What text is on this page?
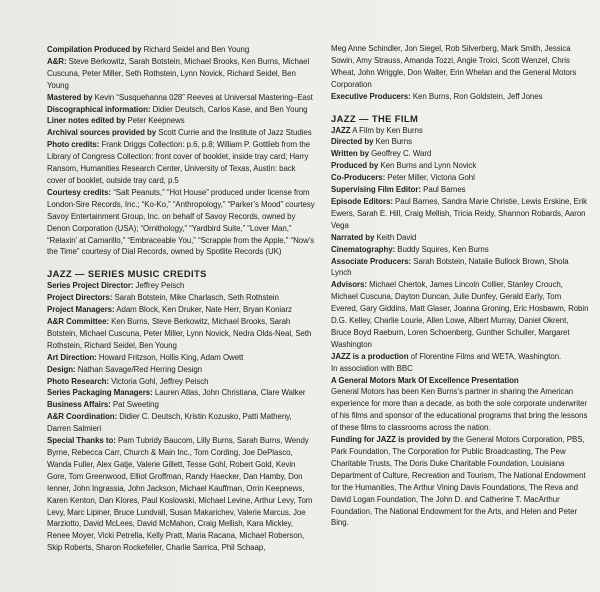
Compilation Produced by Richard Seidel and Ben Young

A&R: Steve Berkowitz, Sarah Botstein, Michael Brooks, Ken Burns, Michael Cuscuna, Peter Miller, Seth Rothstein, Lynn Novick, Richard Seidel, Ben Young

Mastered by Kevin “Susquehanna 028” Reeves at Universal Mastering–East

Discographical information: Didier Deutsch, Carlos Kase, and Ben Young

Liner notes edited by Peter Keepnews

Archival sources provided by Scott Currie and the Institute of Jazz Studies

Photo credits: Frank Driggs Collection: p.6, p.8; William P. Gottlieb from the Library of Congress Collection: front cover of booklet, inside tray card; Harry Ransom, Humanities Research Center, University of Texas, Austin: back cover of booklet, outside tray card, p.5

Courtesy credits: “Salt Peanuts,” “Hot House” produced under license from London-Sire Records, Inc.; “Ko-Ko,” “Anthropology,” “Parker’s Mood” courtesy Savoy Entertainment Group, Inc. on behalf of Savoy Records, owned by Denon Corporation (USA); “Ornithology,” “Yardbird Suite,” “Lover Man,” “Relaxin’ at Camarillo,” “Embraceable You,” “Scrapple from the Apple,” “Now’s the Time” courtesy of Dial Records, owned by Spotlite Records (UK)

JAZZ — SERIES MUSIC CREDITS

Series Project Director: Jeffrey Peisch

Project Directors: Sarah Botstein, Mike Charlasch, Seth Rothstein

Project Managers: Adam Block, Ken Druker, Nate Herr, Bryan Koniarz

A&R Committee: Ken Burns, Steve Berkowitz, Michael Brooks, Sarah Botstein, Michael Cuscuna, Peter Miller, Lynn Novick, Nedra Olds-Neal, Seth Rothstein, Richard Seidel, Ben Young

Art Direction: Howard Fritzson, Hollis King, Adam Owett

Design: Nathan Savage/Red Herring Design

Photo Research: Victoria Gohl, Jeffrey Peisch

Series Packaging Managers: Lauren Atlas, John Christiana, Clare Walker

Business Affairs: Pat Sweeting

A&R Coordination: Didier C. Deutsch, Kristin Kozusko, Patti Matheny, Darren Salmieri

Special Thanks to: Pam Tubridy Baucom, Lilly Burns, Sarah Burns, Wendy Byrne, Rebecca Carr, Church & Main Inc., Tom Cording, Joe DePlasco, Wanda Fuller, Alex Gatje, Valerie Gillett, Tesse Gohl, Robert Gold, Kevin Gore, Tom Greenwood, Elliot Groffman, Randy Haecker, Dan Hamby, Don Ienner, John Ingrassia, John Jackson, Michael Kauffman, Orrin Keepnews, Karen Kenton, Dan Klores, Paul Koslowski, Michael Levine, Arthur Levy, Tom Levy, Marc Lipiner, Bruce Lundvall, Susan Makarichev, Valerie Marcus, Joe Marziotto, David McLees, David McMahon, Craig Mellish, Kara Mickley, Renee Moyer, Vicki Petrella, Kelly Pratt, Maria Racana, Michael Roberson, Skip Roberts, Sharon Rockefeller, Charlie Sarrica, Phil Schaap,

Meg Anne Schindler, Jon Siegel, Rob Silverberg, Mark Smith, Jessica Sowin, Amy Strauss, Amanda Tozzi, Angie Troici, Scott Wenzel, Chris Wheat, John Wriggle, Don Walter, Erin Whelan and the General Motors Corporation

Executive Producers: Ken Burns, Ron Goldstein, Jeff Jones

JAZZ — THE FILM

JAZZ A Film by Ken Burns

Directed by Ken Burns

Written by Geoffrey C. Ward

Produced by Ken Burns and Lynn Novick

Co-Producers: Peter Miller, Victoria Gohl

Supervising Film Editor: Paul Barnes

Episode Editors: Paul Barnes, Sandra Marie Christie, Lewis Erskine, Erik Ewers, Sarah E. Hill, Craig Mellish, Tricia Reidy, Shannon Robards, Aaron Vega

Narrated by Keith David

Cinematography: Buddy Squires, Ken Burns

Associate Producers: Sarah Botstein, Natalie Bullock Brown, Shola Lynch

Advisors: Michael Chertok, James Lincoln Collier, Stanley Crouch, Michael Cuscuna, Dayton Duncan, Julie Dunfey, Gerald Early, Tom Evered, Gary Giddins, Matt Glaser, Joanna Groning, Eric Hosbawm, Robin D.G. Kelley, Charlie Lourie, Allen Lowe, Albert Murray, Daniel Okrent, Bruce Boyd Raeburn, Loren Schoenberg, Gunther Schuller, Margaret Washington

JAZZ is a production of Florentine Films and WETA, Washington.

In association with BBC

A General Motors Mark Of Excellence Presentation

General Motors has been Ken Burns’s partner in sharing the American experience for more than a decade, as both the sole corporate underwriter of his films and sponsor of the educational programs that bring the lessons of these films to classrooms across the nation.

Funding for JAZZ is provided by the General Motors Corporation, PBS, Park Foundation, The Corporation for Public Broadcasting, The Pew Charitable Trusts, The Doris Duke Charitable Foundation, Louisiana Department of Culture, Recreation and Tourism, The National Endowment for the Humanities, The Arthur Vining Davis Foundations, The Reva and David Logan Foundation, The John D. and Catherine T. MacArthur Foundation, The National Endowment for the Arts, and Helen and Peter Bing.
